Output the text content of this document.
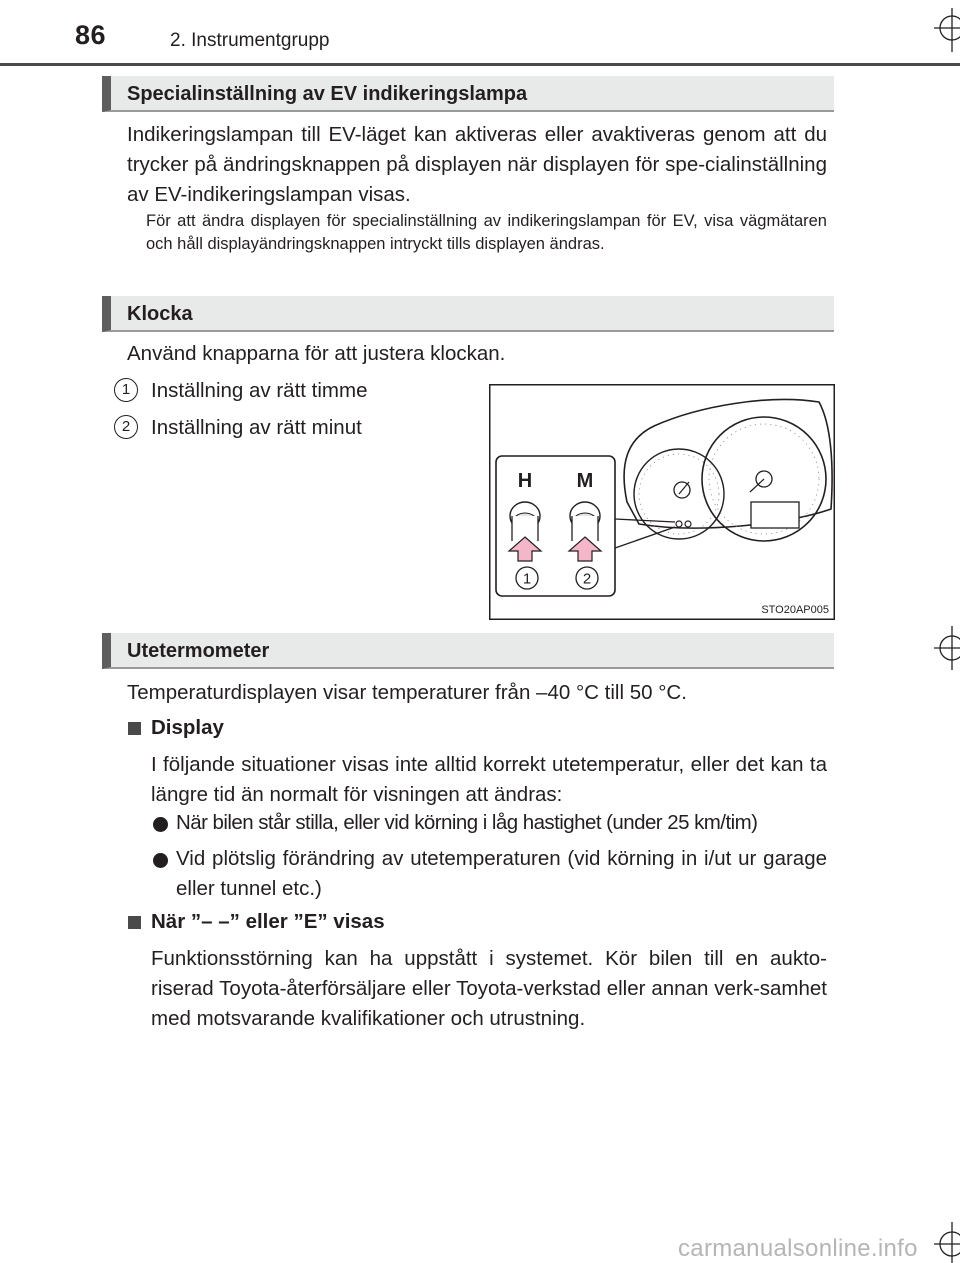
86	2. Instrumentgrupp
Specialinställning av EV indikeringslampa
Indikeringslampan till EV-läget kan aktiveras eller avaktiveras genom att du trycker på ändringsknappen på displayen när displayen för spe-cialinställning av EV-indikeringslampan visas.
För att ändra displayen för specialinställning av indikeringslampan för EV, visa vägmätaren och håll displayändringsknappen intryckt tills displayen ändras.
Klocka
Använd knapparna för att justera klockan.
1	Inställning av rätt timme
2	Inställning av rätt minut
H M
1	2
STO20AP005
Utetermometer
Temperaturdisplayen visar temperaturer från –40 °C till 50 °C.
Display
I följande situationer visas inte alltid korrekt utetemperatur, eller det kan ta längre tid än normalt för visningen att ändras:
När bilen står stilla, eller vid körning i låg hastighet (under 25 km/tim)
Vid plötslig förändring av utetemperaturen (vid körning in i/ut ur garage eller tunnel etc.)
När ”– –” eller ”E” visas
Funktionsstörning kan ha uppstått i systemet. Kör bilen till en aukto-riserad Toyota-återförsäljare eller Toyota-verkstad eller annan verk-samhet med motsvarande kvalifikationer och utrustning.
carmanualsonline.info
